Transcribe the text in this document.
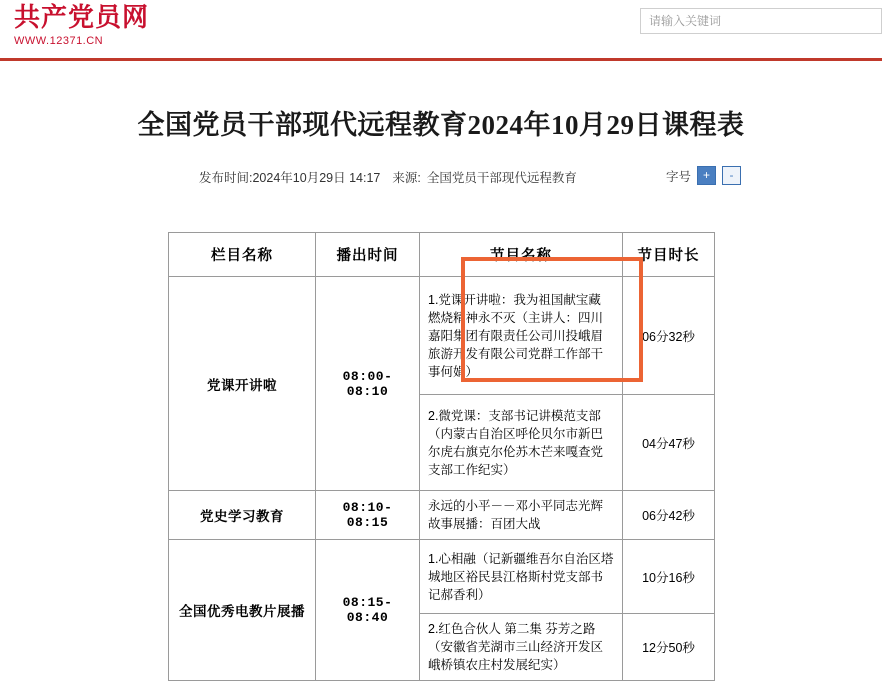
共产党员网
WWW.12371.CN
请输入关键词
全国党员干部现代远程教育2024年10月29日课程表
发布时间:2024年10月29日 14:17 来源: 全国党员干部现代远程教育	字号 +	-
栏目名称	播出时间	节目名称	节目时长
党课开讲啦	08:00-08:10	1.党课开讲啦：我为祖国献宝藏 燃烧精神永不灭（主讲人：四川嘉阳集团有限责任公司川投峨眉旅游开发有限公司党群工作部干事何娟）	06分32秒
		2.微党课：支部书记讲模范支部（内蒙古自治区呼伦贝尔市新巴尔虎右旗克尔伦苏木芒来嘎查党支部工作纪实）	04分47秒
党史学习教育	08:10-08:15	永远的小平－－邓小平同志光辉故事展播：百团大战	06分42秒
全国优秀电教片展播	08:15-08:40	1.心相融（记新疆维吾尔自治区塔城地区裕民县江格斯村党支部书记郝香利）	10分16秒
		2.红色合伙人 第二集 芬芳之路（安徽省芜湖市三山经济开发区峨桥镇农庄村发展纪实）	12分50秒
